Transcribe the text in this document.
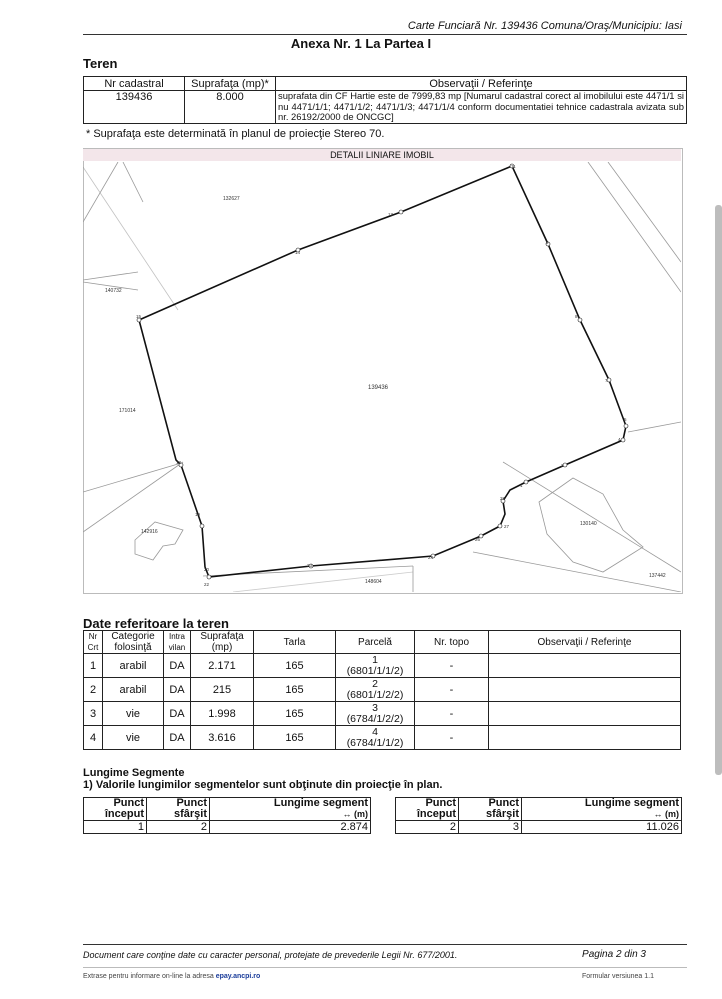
Carte Funciară Nr. 139436 Comuna/Oraş/Municipiu: Iasi
Anexa Nr. 1 La Partea I
Teren
Nr cadastral	Suprafaţa (mp)*	Observaţii / Referinţe
139436	8.000	suprafata din CF Hartie este de 7999,83 mp [Numarul cadastral corect al imobilului este 4471/1 si nu 4471/1/1; 4471/1/2; 4471/1/3; 4471/1/4 conform documentatiei tehnice cadastrala avizata sub nr. 26192/2000 de ONCGC]
* Suprafaţa este determinată în planul de proiecţie Stereo 70.
DETALII LINIARE IMOBIL
15
14
13
11
9
8
7
5
4
2
1
28
27
26
24
23
20
22
19
18
139436
132627
140732
171014
142916
148604
130140
137442
Date referitoare la teren
Nr Crt	Categorie folosinţă	Intra vilan	Suprafaţa (mp)	Tarla	Parcelă	Nr. topo	Observaţii / Referinţe
1	arabil	DA	2.171	165	1
(6801/1/1/2)	-	
2	arabil	DA	215	165	2
(6801/1/2/2)	-	
3	vie	DA	1.998	165	3
(6784/1/2/2)	-	
4	vie	DA	3.616	165	4
(6784/1/1/2)	-	
Lungime Segmente
1) Valorile lungimilor segmentelor sunt obţinute din proiecţie în plan.
Punct început	Punct sfârşit	Lungime segment
↔ (m)

1	2	2.874
Punct început	Punct sfârşit	Lungime segment
↔ (m)

2	3	11.026
Document care conţine date cu caracter personal, protejate de prevederile Legii Nr. 677/2001.	Pagina 2 din 3
Extrase pentru informare on-line la adresa epay.ancpi.ro	Formular versiunea 1.1
